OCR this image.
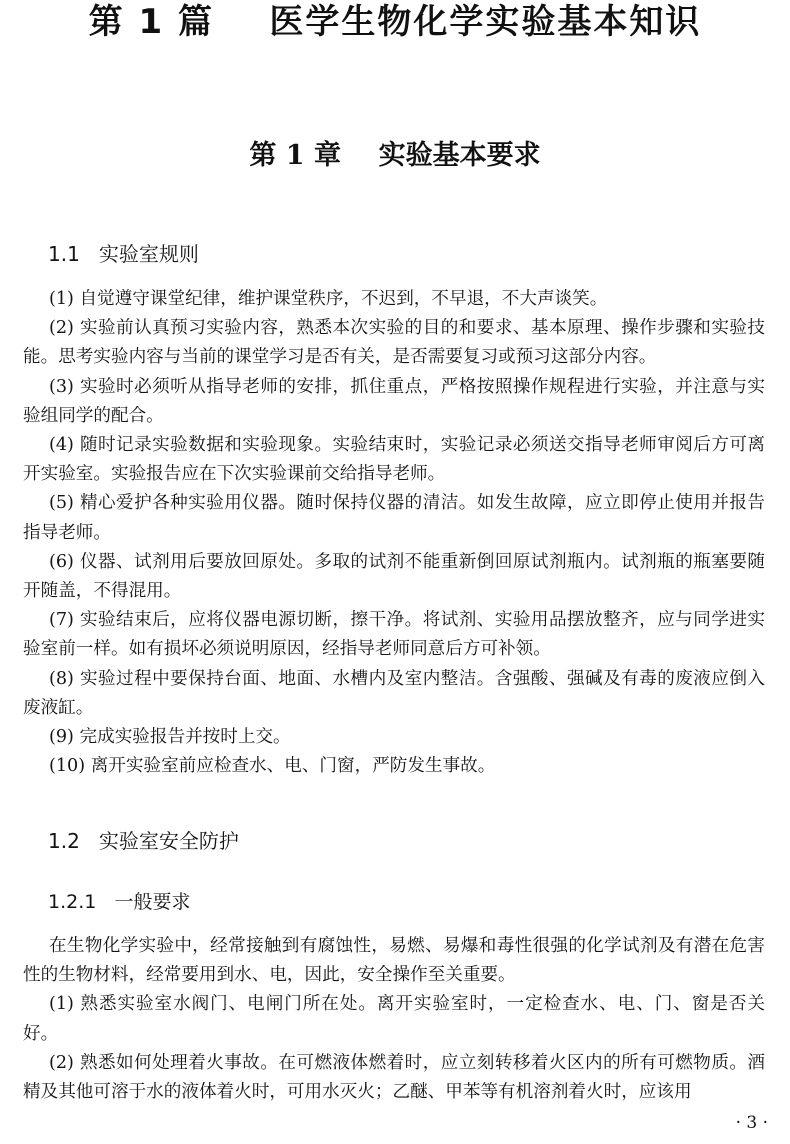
第 1 篇    医学生物化学实验基本知识
第 1 章    实验基本要求
1.1   实验室规则

(1) 自觉遵守课堂纪律，维护课堂秩序，不迟到，不早退，不大声谈笑。

(2) 实验前认真预习实验内容，熟悉本次实验的目的和要求、基本原理、操作步骤和实验技能。思考实验内容与当前的课堂学习是否有关，是否需要复习或预习这部分内容。

(3) 实验时必须听从指导老师的安排，抓住重点，严格按照操作规程进行实验，并注意与实验组同学的配合。

(4) 随时记录实验数据和实验现象。实验结束时，实验记录必须送交指导老师审阅后方可离开实验室。实验报告应在下次实验课前交给指导老师。

(5) 精心爱护各种实验用仪器。随时保持仪器的清洁。如发生故障，应立即停止使用并报告指导老师。

(6) 仪器、试剂用后要放回原处。多取的试剂不能重新倒回原试剂瓶内。试剂瓶的瓶塞要随开随盖，不得混用。

(7) 实验结束后，应将仪器电源切断，擦干净。将试剂、实验用品摆放整齐，应与同学进实验室前一样。如有损坏必须说明原因，经指导老师同意后方可补领。

(8) 实验过程中要保持台面、地面、水槽内及室内整洁。含强酸、强碱及有毒的废液应倒入废液缸。

(9) 完成实验报告并按时上交。

(10) 离开实验室前应检查水、电、门窗，严防发生事故。

1.2   实验室安全防护
1.2.1   一般要求

在生物化学实验中，经常接触到有腐蚀性，易燃、易爆和毒性很强的化学试剂及有潜在危害性的生物材料，经常要用到水、电，因此，安全操作至关重要。

(1) 熟悉实验室水阀门、电闸门所在处。离开实验室时，一定检查水、电、门、窗是否关好。

(2) 熟悉如何处理着火事故。在可燃液体燃着时，应立刻转移着火区内的所有可燃物质。酒精及其他可溶于水的液体着火时，可用水灭火；乙醚、甲苯等有机溶剂着火时，应该用

· 3 ·
